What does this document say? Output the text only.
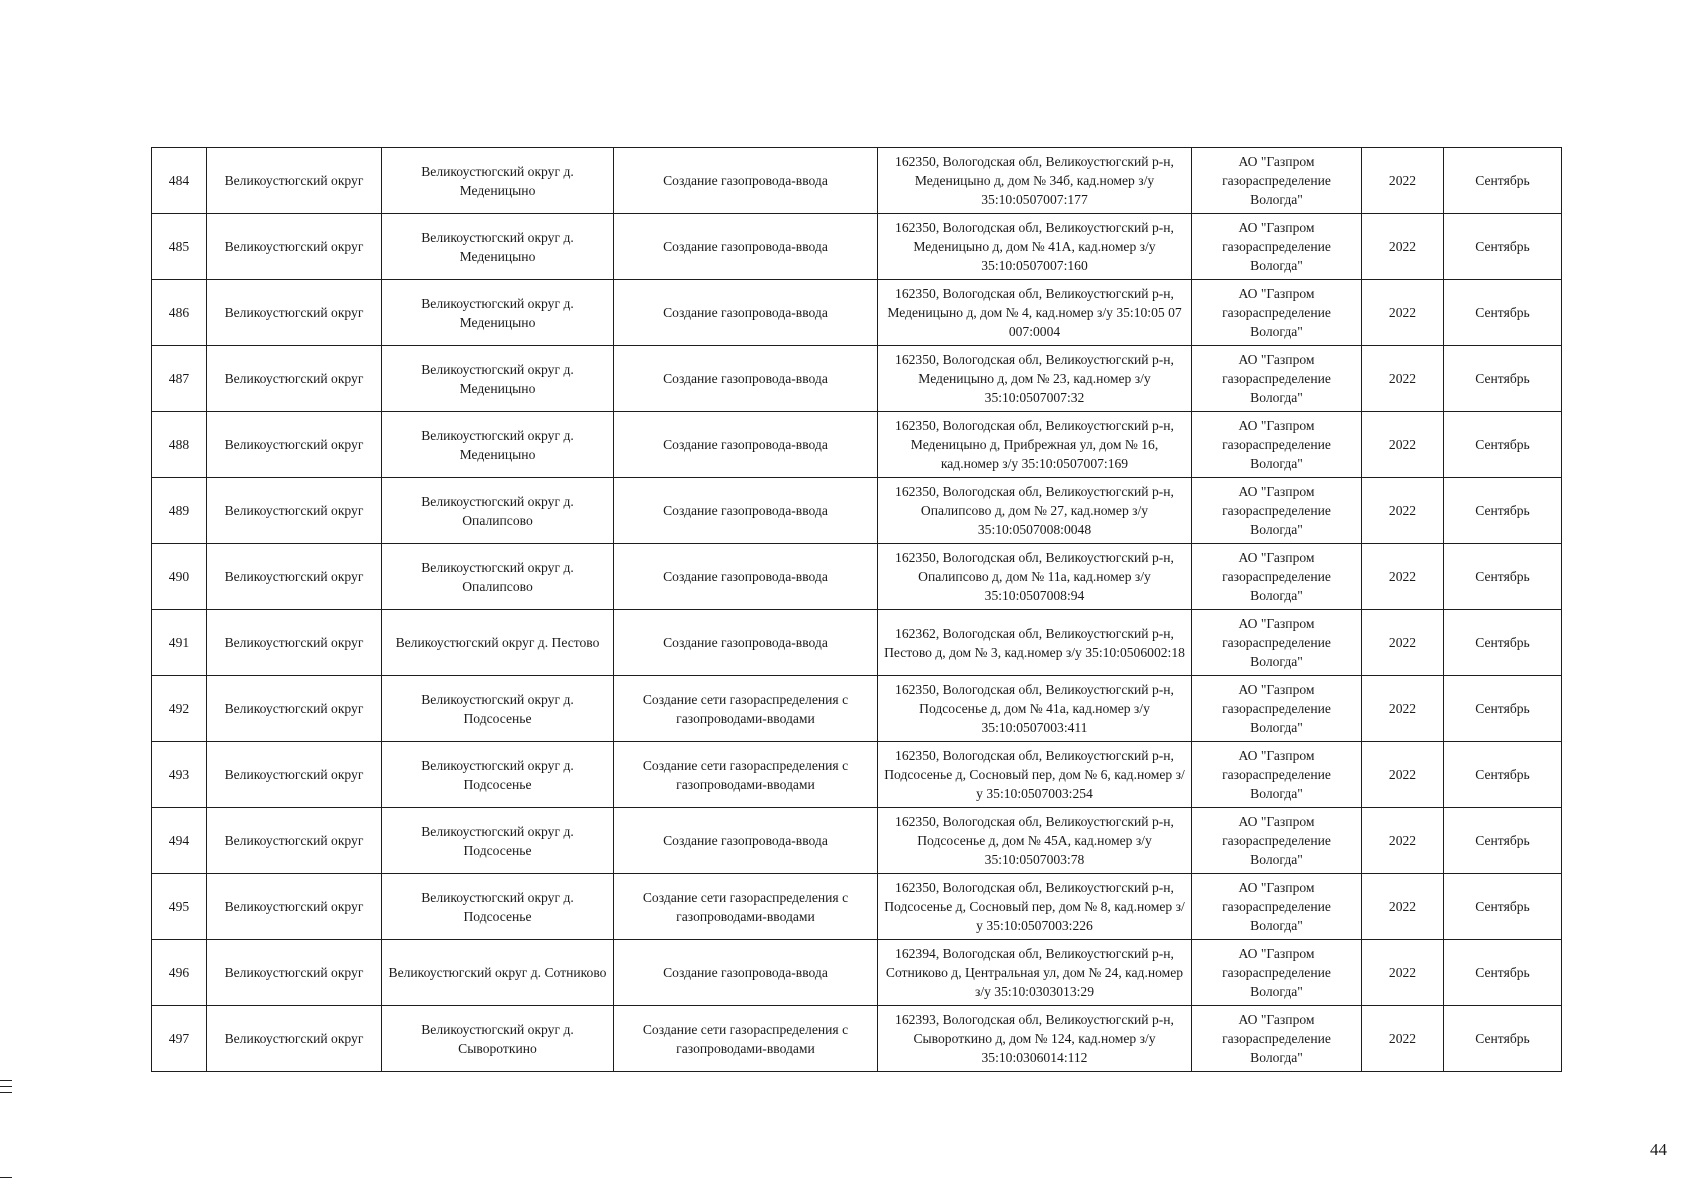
484	Великоустюгский округ	Великоустюгский округ д. Меденицыно	Создание газопровода-ввода	162350, Вологодская обл, Великоустюгский р-н, Меденицыно д, дом № 34б, кад.номер з/у 35:10:0507007:177	АО "Газпром газораспределение Вологда"	2022	Сентябрь
485	Великоустюгский округ	Великоустюгский округ д. Меденицыно	Создание газопровода-ввода	162350, Вологодская обл, Великоустюгский р-н, Меденицыно д, дом № 41А, кад.номер з/у 35:10:0507007:160	АО "Газпром газораспределение Вологда"	2022	Сентябрь
486	Великоустюгский округ	Великоустюгский округ д. Меденицыно	Создание газопровода-ввода	162350, Вологодская обл, Великоустюгский р-н, Меденицыно д, дом № 4, кад.номер з/у 35:10:05 07 007:0004	АО "Газпром газораспределение Вологда"	2022	Сентябрь
487	Великоустюгский округ	Великоустюгский округ д. Меденицыно	Создание газопровода-ввода	162350, Вологодская обл, Великоустюгский р-н, Меденицыно д, дом № 23, кад.номер з/у 35:10:0507007:32	АО "Газпром газораспределение Вологда"	2022	Сентябрь
488	Великоустюгский округ	Великоустюгский округ д. Меденицыно	Создание газопровода-ввода	162350, Вологодская обл, Великоустюгский р-н, Меденицыно д, Прибрежная ул, дом № 16, кад.номер з/у 35:10:0507007:169	АО "Газпром газораспределение Вологда"	2022	Сентябрь
489	Великоустюгский округ	Великоустюгский округ д. Опалипсово	Создание газопровода-ввода	162350, Вологодская обл, Великоустюгский р-н, Опалипсово д, дом № 27, кад.номер з/у 35:10:0507008:0048	АО "Газпром газораспределение Вологда"	2022	Сентябрь
490	Великоустюгский округ	Великоустюгский округ д. Опалипсово	Создание газопровода-ввода	162350, Вологодская обл, Великоустюгский р-н, Опалипсово д, дом № 11а, кад.номер з/у 35:10:0507008:94	АО "Газпром газораспределение Вологда"	2022	Сентябрь
491	Великоустюгский округ	Великоустюгский округ д. Пестово	Создание газопровода-ввода	162362, Вологодская обл, Великоустюгский р-н, Пестово д, дом № 3, кад.номер з/у 35:10:0506002:18	АО "Газпром газораспределение Вологда"	2022	Сентябрь
492	Великоустюгский округ	Великоустюгский округ д. Подсосенье	Создание сети газораспределения с газопроводами-вводами	162350, Вологодская обл, Великоустюгский р-н, Подсосенье д, дом № 41а, кад.номер з/у 35:10:0507003:411	АО "Газпром газораспределение Вологда"	2022	Сентябрь
493	Великоустюгский округ	Великоустюгский округ д. Подсосенье	Создание сети газораспределения с газопроводами-вводами	162350, Вологодская обл, Великоустюгский р-н, Подсосенье д, Сосновый пер, дом № 6, кад.номер з/у 35:10:0507003:254	АО "Газпром газораспределение Вологда"	2022	Сентябрь
494	Великоустюгский округ	Великоустюгский округ д. Подсосенье	Создание газопровода-ввода	162350, Вологодская обл, Великоустюгский р-н, Подсосенье д, дом № 45А, кад.номер з/у 35:10:0507003:78	АО "Газпром газораспределение Вологда"	2022	Сентябрь
495	Великоустюгский округ	Великоустюгский округ д. Подсосенье	Создание сети газораспределения с газопроводами-вводами	162350, Вологодская обл, Великоустюгский р-н, Подсосенье д, Сосновый пер, дом № 8, кад.номер з/у 35:10:0507003:226	АО "Газпром газораспределение Вологда"	2022	Сентябрь
496	Великоустюгский округ	Великоустюгский округ д. Сотниково	Создание газопровода-ввода	162394, Вологодская обл, Великоустюгский р-н, Сотниково д, Центральная ул, дом № 24, кад.номер з/у 35:10:0303013:29	АО "Газпром газораспределение Вологда"	2022	Сентябрь
497	Великоустюгский округ	Великоустюгский округ д. Сывороткино	Создание сети газораспределения с газопроводами-вводами	162393, Вологодская обл, Великоустюгский р-н, Сывороткино д, дом № 124, кад.номер з/у 35:10:0306014:112	АО "Газпром газораспределение Вологда"	2022	Сентябрь
44
